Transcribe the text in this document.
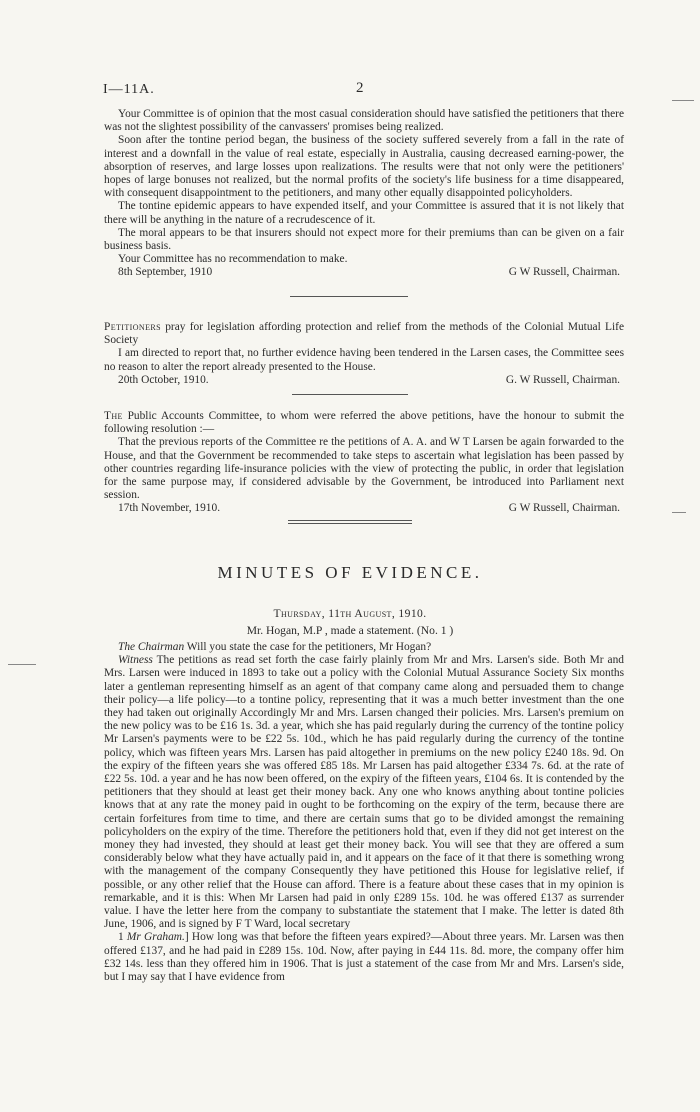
I—11A.	2

Your Committee is of opinion that the most casual consideration should have satisfied the petitioners that there was not the slightest possibility of the canvassers' promises being realized.

Soon after the tontine period began, the business of the society suffered severely from a fall in the rate of interest and a downfall in the value of real estate, especially in Australia, causing decreased earning-power, the absorption of reserves, and large losses upon realizations. The results were that not only were the petitioners' hopes of large bonuses not realized, but the normal profits of the society's life business for a time disappeared, with consequent disappointment to the petitioners, and many other equally disappointed policyholders.

The tontine epidemic appears to have expended itself, and your Committee is assured that it is not likely that there will be anything in the nature of a recrudescence of it.

The moral appears to be that insurers should not expect more for their premiums than can be given on a fair business basis.

Your Committee has no recommendation to make.

8th September, 1910	G W Russell, Chairman.

Petitioners pray for legislation affording protection and relief from the methods of the Colonial Mutual Life Society

I am directed to report that, no further evidence having been tendered in the Larsen cases, the Committee sees no reason to alter the report already presented to the House.

20th October, 1910.	G. W Russell, Chairman.

The Public Accounts Committee, to whom were referred the above petitions, have the honour to submit the following resolution :—

That the previous reports of the Committee re the petitions of A. A. and W T Larsen be again forwarded to the House, and that the Government be recommended to take steps to ascertain what legislation has been passed by other countries regarding life-insurance policies with the view of protecting the public, in order that legislation for the same purpose may, if considered advisable by the Government, be introduced into Parliament next session.

17th November, 1910.	G W Russell, Chairman.
MINUTES OF EVIDENCE.
Thursday, 11th August, 1910.
Mr. Hogan, M.P , made a statement. (No. 1 )

The Chairman Will you state the case for the petitioners, Mr Hogan?

Witness The petitions as read set forth the case fairly plainly from Mr and Mrs. Larsen's side. Both Mr and Mrs. Larsen were induced in 1893 to take out a policy with the Colonial Mutual Assurance Society Six months later a gentleman representing himself as an agent of that company came along and persuaded them to change their policy—a life policy—to a tontine policy, representing that it was a much better investment than the one they had taken out originally Accordingly Mr and Mrs. Larsen changed their policies. Mrs. Larsen's premium on the new policy was to be £16 1s. 3d. a year, which she has paid regularly during the currency of the tontine policy Mr Larsen's payments were to be £22 5s. 10d., which he has paid regularly during the currency of the tontine policy, which was fifteen years Mrs. Larsen has paid altogether in premiums on the new policy £240 18s. 9d. On the expiry of the fifteen years she was offered £85 18s. Mr Larsen has paid altogether £334 7s. 6d. at the rate of £22 5s. 10d. a year and he has now been offered, on the expiry of the fifteen years, £104 6s. It is contended by the petitioners that they should at least get their money back. Any one who knows anything about tontine policies knows that at any rate the money paid in ought to be forthcoming on the expiry of the term, because there are certain forfeitures from time to time, and there are certain sums that go to be divided amongst the remaining policyholders on the expiry of the time. Therefore the petitioners hold that, even if they did not get interest on the money they had invested, they should at least get their money back. You will see that they are offered a sum considerably below what they have actually paid in, and it appears on the face of it that there is something wrong with the management of the company Consequently they have petitioned this House for legislative relief, if possible, or any other relief that the House can afford. There is a feature about these cases that in my opinion is remarkable, and it is this: When Mr Larsen had paid in only £289 15s. 10d. he was offered £137 as surrender value. I have the letter here from the company to substantiate the statement that I make. The letter is dated 8th June, 1906, and is signed by F T Ward, local secretary

1 Mr Graham.] How long was that before the fifteen years expired?—About three years. Mr. Larsen was then offered £137, and he had paid in £289 15s. 10d. Now, after paying in £44 11s. 8d. more, the company offer him £32 14s. less than they offered him in 1906. That is just a statement of the case from Mr and Mrs. Larsen's side, but I may say that I have evidence from
